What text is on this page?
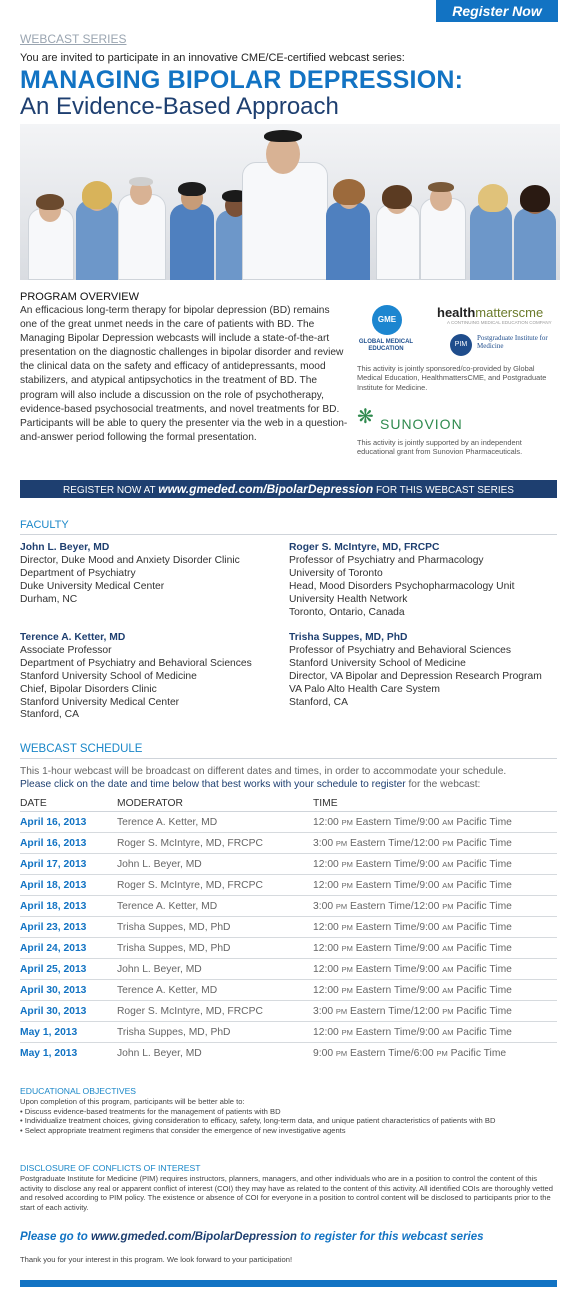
Register Now
WEBCAST SERIES
You are invited to participate in an innovative CME/CE-certified webcast series:
MANAGING BIPOLAR DEPRESSION:
An Evidence-Based Approach
PROGRAM OVERVIEW
An efficacious long-term therapy for bipolar depression (BD) remains one of the great unmet needs in the care of patients with BD. The Managing Bipolar Depression webcasts will include a state-of-the-art presentation on the diagnostic challenges in bipolar disorder and review the clinical data on the safety and efficacy of antidepressants, mood stabilizers, and atypical antipsychotics in the treatment of BD. The program will also include a discussion on the role of psychotherapy, evidence-based psychosocial treatments, and novel treatments for BD. Participants will be able to query the presenter via the web in a question-and-answer period following the formal presentation.
GME
GLOBAL MEDICAL EDUCATION
healthmatterscme
A CONTINUING MEDICAL EDUCATION COMPANY
PIM
Postgraduate Institute for Medicine
This activity is jointly sponsored/co-provided by Global Medical Education, HealthmattersCME, and Postgraduate Institute for Medicine.
❋ SUNOVION
This activity is jointly supported by an independent educational grant from Sunovion Pharmaceuticals.
REGISTER NOW AT www.gmeded.com/BipolarDepression FOR THIS WEBCAST SERIES
FACULTY
John L. Beyer, MD
Director, Duke Mood and Anxiety Disorder Clinic
Department of Psychiatry
Duke University Medical Center
Durham, NC
Roger S. McIntyre, MD, FRCPC
Professor of Psychiatry and Pharmacology
University of Toronto
Head, Mood Disorders Psychopharmacology Unit
University Health Network
Toronto, Ontario, Canada
Terence A. Ketter, MD
Associate Professor
Department of Psychiatry and Behavioral Sciences
Stanford University School of Medicine
Chief, Bipolar Disorders Clinic
Stanford University Medical Center
Stanford, CA
Trisha Suppes, MD, PhD
Professor of Psychiatry and Behavioral Sciences
Stanford University School of Medicine
Director, VA Bipolar and Depression Research Program
VA Palo Alto Health Care System
Stanford, CA
WEBCAST SCHEDULE
This 1-hour webcast will be broadcast on different dates and times, in order to accommodate your schedule.
Please click on the date and time below that best works with your schedule to register for the webcast:
DATE	MODERATOR	TIME
April 16, 2013	Terence A. Ketter, MD	12:00 PM Eastern Time/9:00 AM Pacific Time
April 16, 2013	Roger S. McIntyre, MD, FRCPC	3:00 PM Eastern Time/12:00 PM Pacific Time
April 17, 2013	John L. Beyer, MD	12:00 PM Eastern Time/9:00 AM Pacific Time
April 18, 2013	Roger S. McIntyre, MD, FRCPC	12:00 PM Eastern Time/9:00 AM Pacific Time
April 18, 2013	Terence A. Ketter, MD	3:00 PM Eastern Time/12:00 PM Pacific Time
April 23, 2013	Trisha Suppes, MD, PhD	12:00 PM Eastern Time/9:00 AM Pacific Time
April 24, 2013	Trisha Suppes, MD, PhD	12:00 PM Eastern Time/9:00 AM Pacific Time
April 25, 2013	John L. Beyer, MD	12:00 PM Eastern Time/9:00 AM Pacific Time
April 30, 2013	Terence A. Ketter, MD	12:00 PM Eastern Time/9:00 AM Pacific Time
April 30, 2013	Roger S. McIntyre, MD, FRCPC	3:00 PM Eastern Time/12:00 PM Pacific Time
May 1, 2013	Trisha Suppes, MD, PhD	12:00 PM Eastern Time/9:00 AM Pacific Time
May 1, 2013	John L. Beyer, MD	9:00 PM Eastern Time/6:00 PM Pacific Time
EDUCATIONAL OBJECTIVES
Upon completion of this program, participants will be better able to:
• Discuss evidence-based treatments for the management of patients with BD
• Individualize treatment choices, giving consideration to efficacy, safety, long-term data, and unique patient characteristics of patients with BD
• Select appropriate treatment regimens that consider the emergence of new investigative agents
DISCLOSURE OF CONFLICTS OF INTEREST
Postgraduate Institute for Medicine (PIM) requires instructors, planners, managers, and other individuals who are in a position to control the content of this activity to disclose any real or apparent conflict of interest (COI) they may have as related to the content of this activity. All identified COIs are thoroughly vetted and resolved according to PIM policy. The existence or absence of COI for everyone in a position to control content will be disclosed to participants prior to the start of each activity.
Please go to www.gmeded.com/BipolarDepression to register for this webcast series
Thank you for your interest in this program. We look forward to your participation!
